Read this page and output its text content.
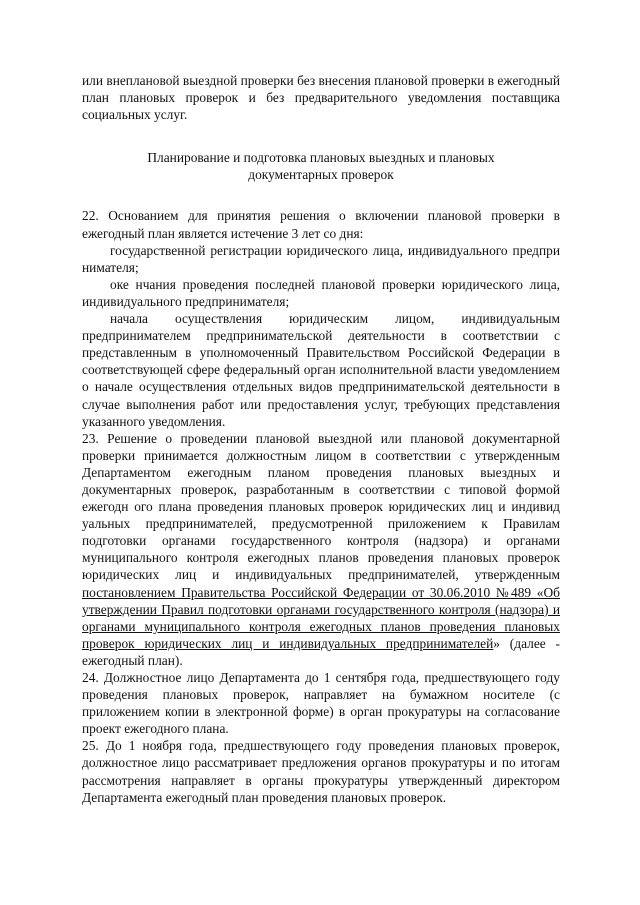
или внеплановой выездной проверки без внесения плановой проверки в ежегодный план плановых проверок и без предварительного уведомления поставщика социальных услуг.

Планирование и подготовка плановых выездных и плановых
документарных проверок

22. Основанием для принятия решения о включении плановой проверки в ежегодный план является истечение 3 лет со дня:

государственной регистрации юридического лица, индивидуального предпри нимателя;

оке нчания проведения последней плановой проверки юридического лица, индивидуального предпринимателя;

начала осуществления юридическим лицом, индивидуальным предпринимателем предпринимательской деятельности в соответствии с представленным в уполномоченный Правительством Российской Федерации в соответствующей сфере федеральный орган исполнительной власти уведомлением о начале осуществления отдельных видов предпринимательской деятельности в случае выполнения работ или предоставления услуг, требующих представления указанного уведомления.

23. Решение о проведении плановой выездной или плановой документарной проверки принимается должностным лицом в соответствии с утвержденным Департаментом ежегодным планом проведения плановых выездных и документарных проверок, разработанным в соответствии с типовой формой ежегодн ого плана проведения плановых проверок юридических лиц и индивид уальных предпринимателей, предусмотренной приложением к Правилам подготовки органами государственного контроля (надзора) и органами муниципального контроля ежегодных планов проведения плановых проверок юридических лиц и индивидуальных предпринимателей, утвержденным постановлением Правительства Российской Федерации от 30.06.2010 №489 «Об утверждении Правил подготовки органами государственного контроля (надзора) и органами муниципального контроля ежегодных планов проведения плановых проверок юридических лиц и индивидуальных предпринимателей» (далее - ежегодный план).

24. Должностное лицо Департамента до 1 сентября года, предшествующего году проведения плановых проверок, направляет на бумажном носителе (с приложением копии в электронной форме) в орган прокуратуры на согласование проект ежегодного плана.

25. До 1 ноября года, предшествующего году проведения плановых проверок, должностное лицо рассматривает предложения органов прокуратуры и по итогам рассмотрения направляет в органы прокуратуры утвержденный директором Департамента ежегодный план проведения плановых проверок.
